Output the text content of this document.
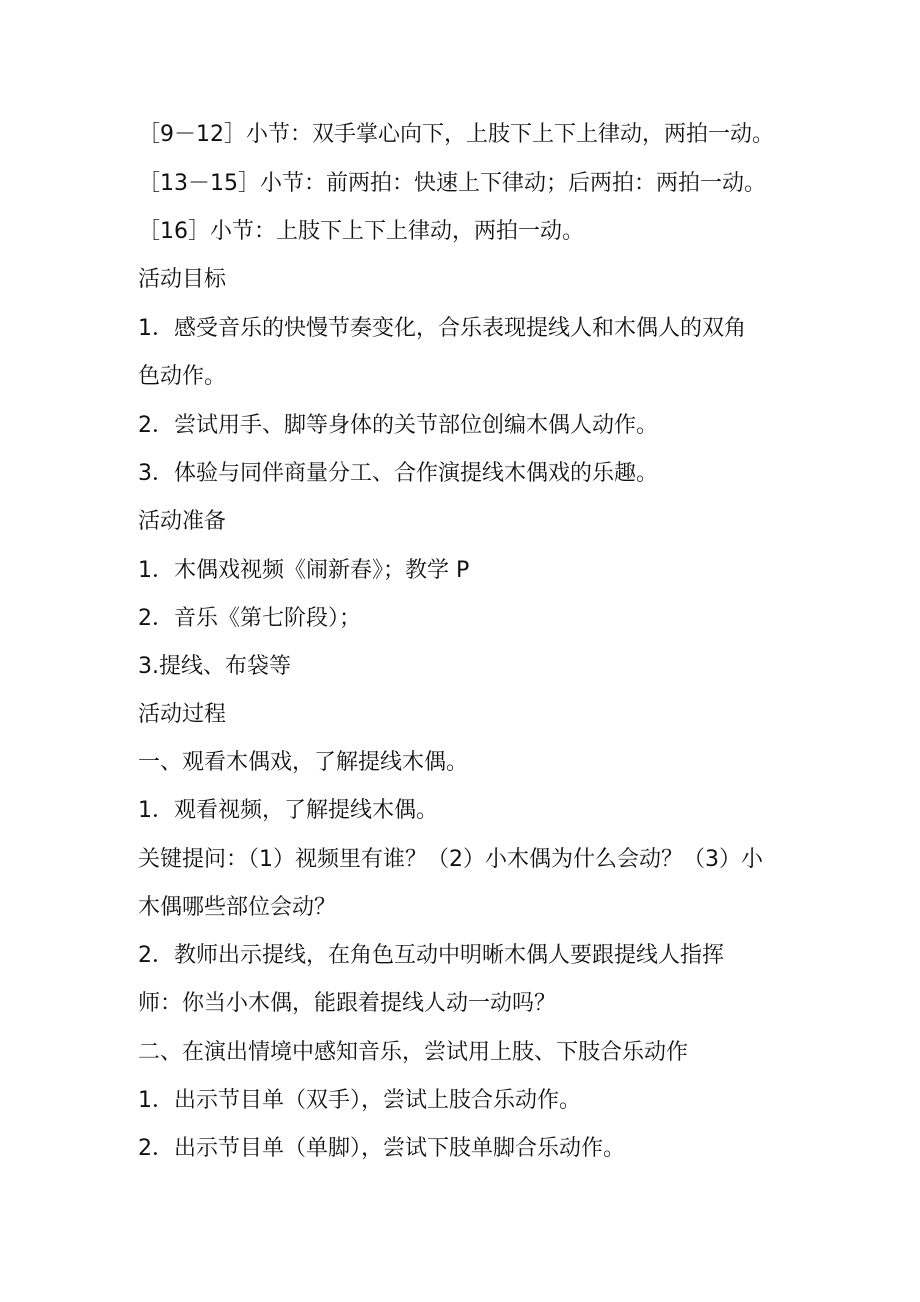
［9－12］小节：双手掌心向下，上肢下上下上律动，两拍一动。
［13－15］小节：前两拍：快速上下律动；后两拍：两拍一动。
［16］小节：上肢下上下上律动，两拍一动。
活动目标
1．感受音乐的快慢节奏变化，合乐表现提线人和木偶人的双角
色动作。
2．尝试用手、脚等身体的关节部位创编木偶人动作。
3．体验与同伴商量分工、合作演提线木偶戏的乐趣。
活动准备
1．木偶戏视频《闹新春》；教学 P
2．音乐《第七阶段）；
3.提线、布袋等
活动过程
一、观看木偶戏，了解提线木偶。
1．观看视频，了解提线木偶。
关键提问：（1）视频里有谁？（2）小木偶为什么会动？（3）小
木偶哪些部位会动？
2．教师出示提线，在角色互动中明晰木偶人要跟提线人指挥
师：你当小木偶，能跟着提线人动一动吗？
二、在演出情境中感知音乐，尝试用上肢、下肢合乐动作
1．出示节目单（双手），尝试上肢合乐动作。
2．出示节目单（单脚），尝试下肢单脚合乐动作。
